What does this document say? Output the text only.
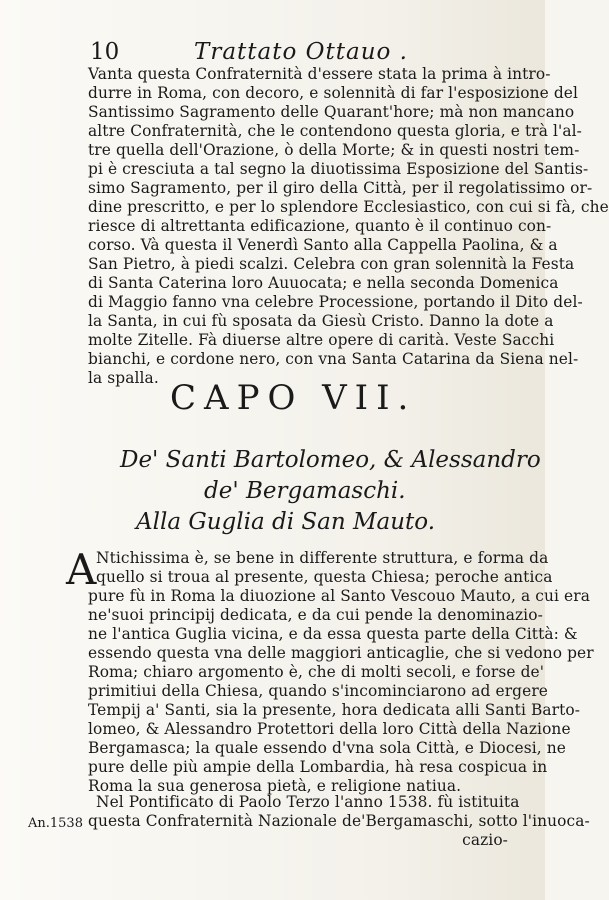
10	Trattato Ottauo .
Vanta questa Confraternità d'essere stata la prima à intro-
durre in Roma, con decoro, e solennità di far l'esposizione del
Santissimo Sagramento delle Quarant'hore; mà non mancano
altre Confraternità, che le contendono questa gloria, e trà l'al-
tre quella dell'Orazione, ò della Morte; & in questi nostri tem-
pi è cresciuta a tal segno la diuotissima Esposizione del Santis-
simo Sagramento, per il giro della Città, per il regolatissimo or-
dine prescritto, e per lo splendore Ecclesiastico, con cui si fà, che
riesce di altrettanta edificazione, quanto è il continuo con-
corso. Và questa il Venerdì Santo alla Cappella Paolina, & a
San Pietro, à piedi scalzi. Celebra con gran solennità la Festa
di Santa Caterina loro Auuocata; e nella seconda Domenica
di Maggio fanno vna celebre Processione, portando il Dito del-
la Santa, in cui fù sposata da Giesù Cristo. Danno la dote a
molte Zitelle. Fà diuerse altre opere di carità. Veste Sacchi
bianchi, e cordone nero, con vna Santa Catarina da Siena nel-
la spalla. CAPO VII.
De' Santi Bartolomeo, & Alessandro
de' Bergamaschi.
Alla Guglia di San Mauto.
A Ntichissima è, se bene in differente struttura, e forma da
quello si troua al presente, questa Chiesa; peroche antica
pure fù in Roma la diuozione al Santo Vescouo Mauto, a cui era
ne'suoi principij dedicata, e da cui pende la denominazio-
ne l'antica Guglia vicina, e da essa questa parte della Città: &
essendo questa vna delle maggiori anticaglie, che si vedono per
Roma; chiaro argomento è, che di molti secoli, e forse de'
primitiui della Chiesa, quando s'incominciarono ad ergere
Tempij a' Santi, sia la presente, hora dedicata alli Santi Barto-
lomeo, & Alessandro Protettori della loro Città della Nazione
Bergamasca; la quale essendo d'vna sola Città, e Diocesi, ne
pure delle più ampie della Lombardia, hà resa cospicua in
Roma la sua generosa pietà, e religione natiua.
Nel Pontificato di Paolo Terzo l'anno 1538. fù istituita
questa Confraternità Nazionale de'Bergamaschi, sotto l'inuoca-
cazio-
An.1538
